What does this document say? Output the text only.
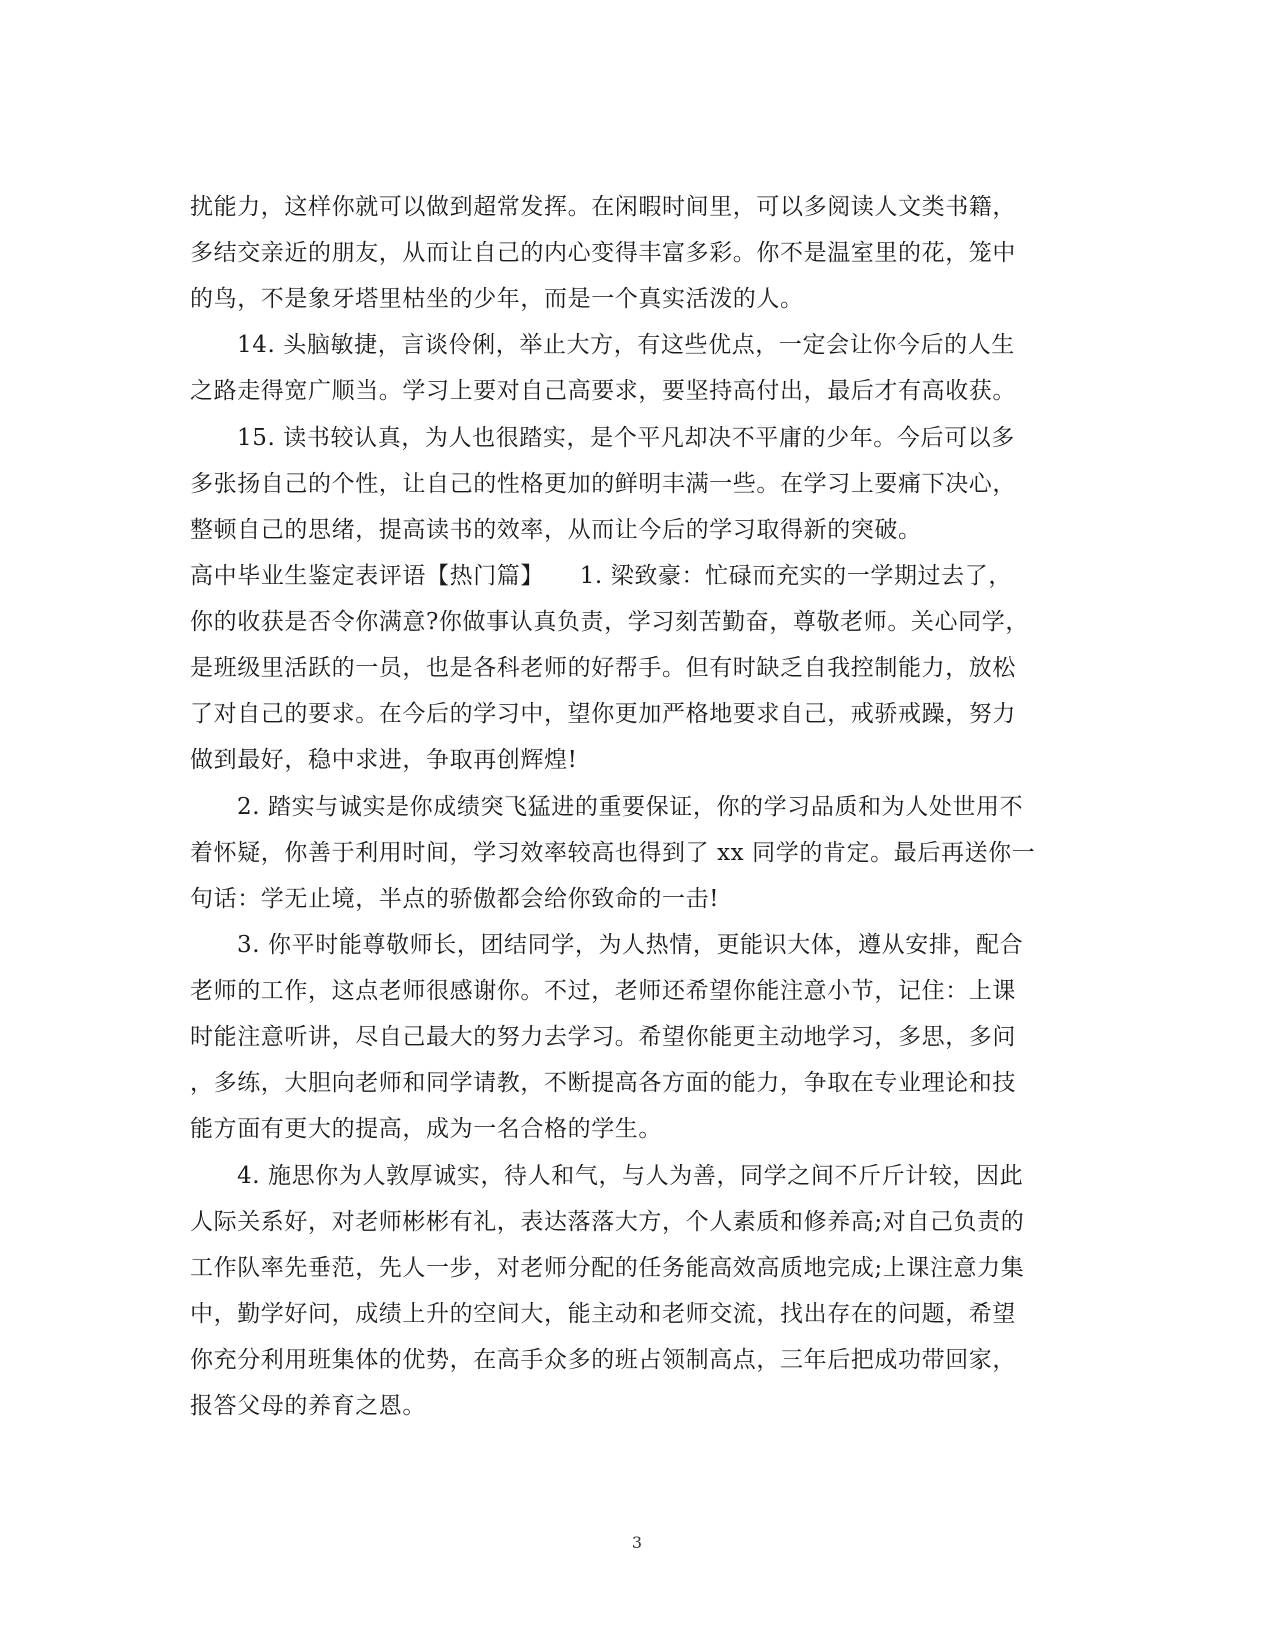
扰能力，这样你就可以做到超常发挥。在闲暇时间里，可以多阅读人文类书籍，
多结交亲近的朋友，从而让自己的内心变得丰富多彩。你不是温室里的花，笼中
的鸟，不是象牙塔里枯坐的少年，而是一个真实活泼的人。
14. 头脑敏捷，言谈伶俐，举止大方，有这些优点，一定会让你今后的人生
之路走得宽广顺当。学习上要对自己高要求，要坚持高付出，最后才有高收获。
15. 读书较认真，为人也很踏实，是个平凡却决不平庸的少年。今后可以多
多张扬自己的个性，让自己的性格更加的鲜明丰满一些。在学习上要痛下决心，
整顿自己的思绪，提高读书的效率，从而让今后的学习取得新的突破。
高中毕业生鉴定表评语【热门篇】　　1. 梁致豪：忙碌而充实的一学期过去了，
你的收获是否令你满意?你做事认真负责，学习刻苦勤奋，尊敬老师。关心同学，
是班级里活跃的一员，也是各科老师的好帮手。但有时缺乏自我控制能力，放松
了对自己的要求。在今后的学习中，望你更加严格地要求自己，戒骄戒躁，努力
做到最好，稳中求进，争取再创辉煌!
2. 踏实与诚实是你成绩突飞猛进的重要保证，你的学习品质和为人处世用不
着怀疑，你善于利用时间，学习效率较高也得到了 xx 同学的肯定。最后再送你一
句话：学无止境，半点的骄傲都会给你致命的一击!
3. 你平时能尊敬师长，团结同学，为人热情，更能识大体，遵从安排，配合
老师的工作，这点老师很感谢你。不过，老师还希望你能注意小节，记住：上课
时能注意听讲，尽自己最大的努力去学习。希望你能更主动地学习，多思，多问
，多练，大胆向老师和同学请教，不断提高各方面的能力，争取在专业理论和技
能方面有更大的提高，成为一名合格的学生。
4. 施思你为人敦厚诚实，待人和气，与人为善，同学之间不斤斤计较，因此
人际关系好，对老师彬彬有礼，表达落落大方，个人素质和修养高;对自己负责的
工作队率先垂范，先人一步，对老师分配的任务能高效高质地完成;上课注意力集
中，勤学好问，成绩上升的空间大，能主动和老师交流，找出存在的问题，希望
你充分利用班集体的优势，在高手众多的班占领制高点，三年后把成功带回家，
报答父母的养育之恩。
3
